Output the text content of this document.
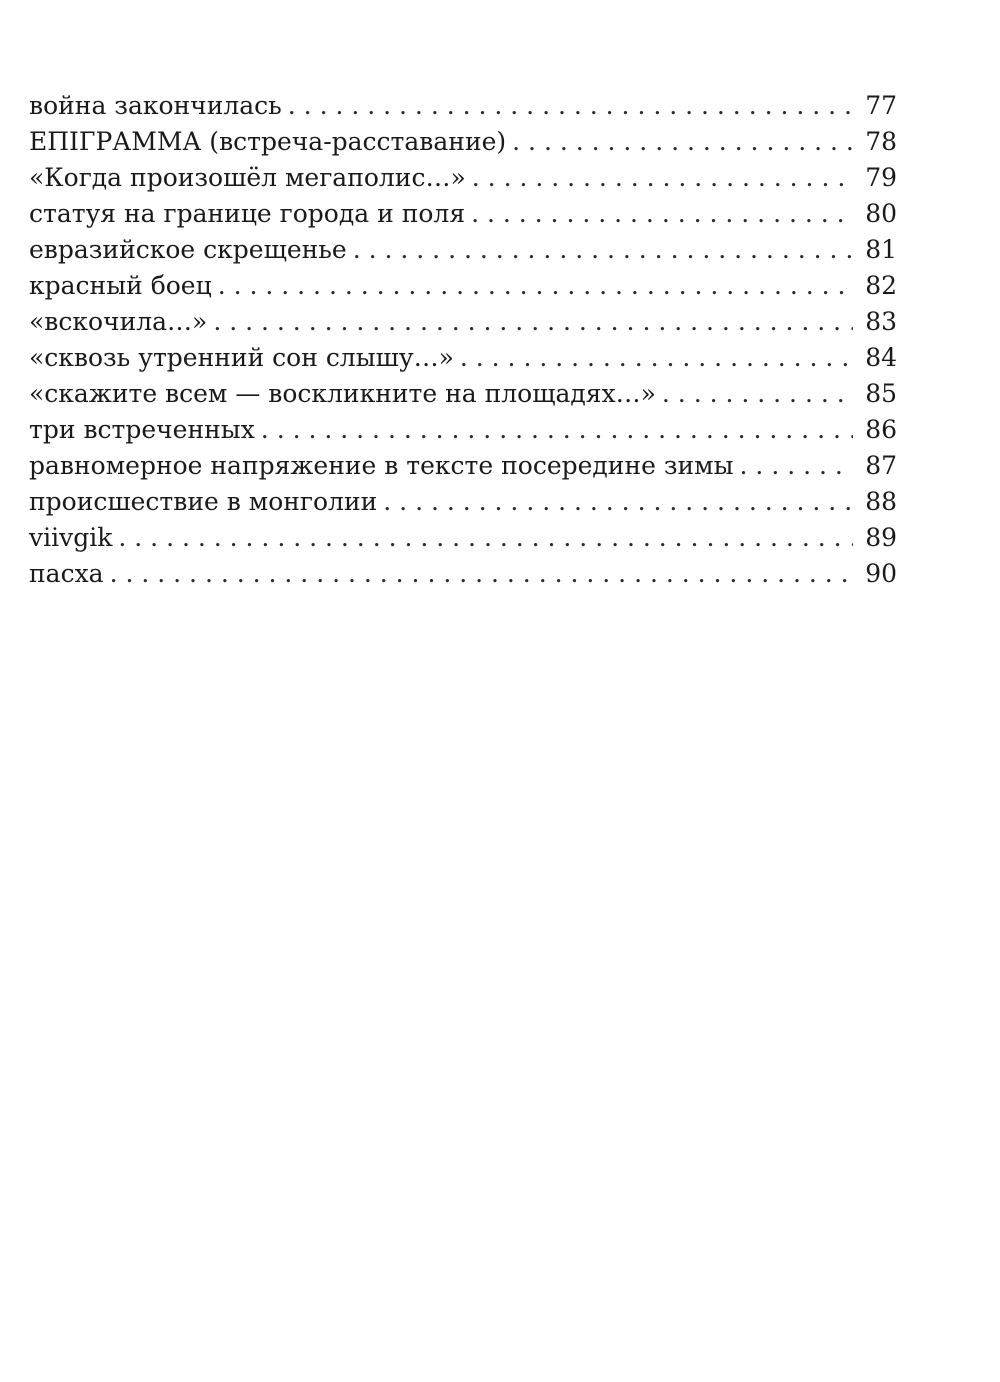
война закончилась . . .	77
ЕПІГРАММА (встреча-расставание) . . .	78
«Когда произошёл мегаполис…» . . .	79
статуя на границе города и поля . . .	80
евразийское скрещенье . . .	81
красный боец . . .	82
«вскочила…» . . .	83
«сквозь утренний сон слышу…» . . .	84
«скажите всем — воскликните на площадях…» . . .	85
три встреченных . . .	86
равномерное напряжение в тексте посередине зимы . . .	87
происшествие в монголии . . .	88
viivgik . . .	89
пасха . . .	90
